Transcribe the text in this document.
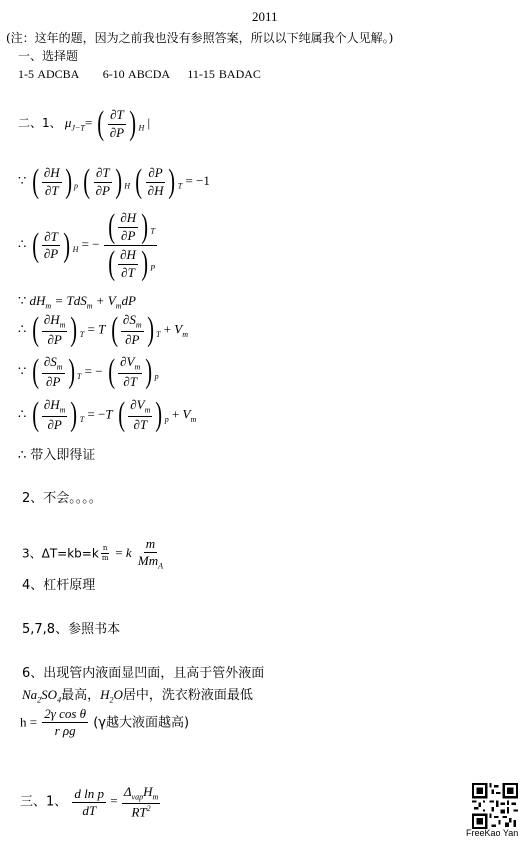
2011
(注：这年的题，因为之前我也没有参照答案，所以以下纯属我个人见解。)
一、选择题
1-5 ADCBA 6-10 ABCDA 11-15 BADAC
二、1、 $\mu_{J-T}=$ ( $\frac{\partial T}{\partial P}$ ) $_H$ |
∵ ( $\frac{\partial H}{\partial T}$ ) $_p$ ( $\frac{\partial T}{\partial P}$ ) $_H$ ( $\frac{\partial P}{\partial H}$ ) $_T$ = −1
∴ ( $\frac{\partial T}{\partial P}$ ) $_H$ = − $\frac{( \frac{\partial H}{\partial P} ) _T}{( \frac{\partial H}{\partial T} ) _P}$
∵ $dH_m = TdS_m + V_mdP$
∴ ( $\frac{\partial H_m}{\partial P}$ ) $_T$ = T ( $\frac{\partial S_m}{\partial P}$ ) $_T + V_m$
∵ ( $\frac{\partial S_m}{\partial P}$ ) $_T$ = − ( $\frac{\partial V_m}{\partial T}$ ) $_p$
∴ ( $\frac{\partial H_m}{\partial P}$ ) $_T$ = −T ( $\frac{\partial V_m}{\partial T}$ ) $_p + V_m$
∴ 带入即得证
2、不会。。。。
3、$\Delta T=kb=k \frac{n}{m} = k \frac{m}{Mm_A}$
4、杠杆原理
5,7,8、参照书本
6、出现管内液面显凹面，且高于管外液面
$Na_2SO_4$最高，$H_2O$居中，洗衣粉液面最低
$h = \frac{\text{2γ cos θ}}{\text{r ρg}} (\gamma$越大液面越高)
三、1、 $\frac{\text{d ln p}}{dT} = \frac{\Delta_{vap}H_m}{RT^2}$
FreeKao Yan
